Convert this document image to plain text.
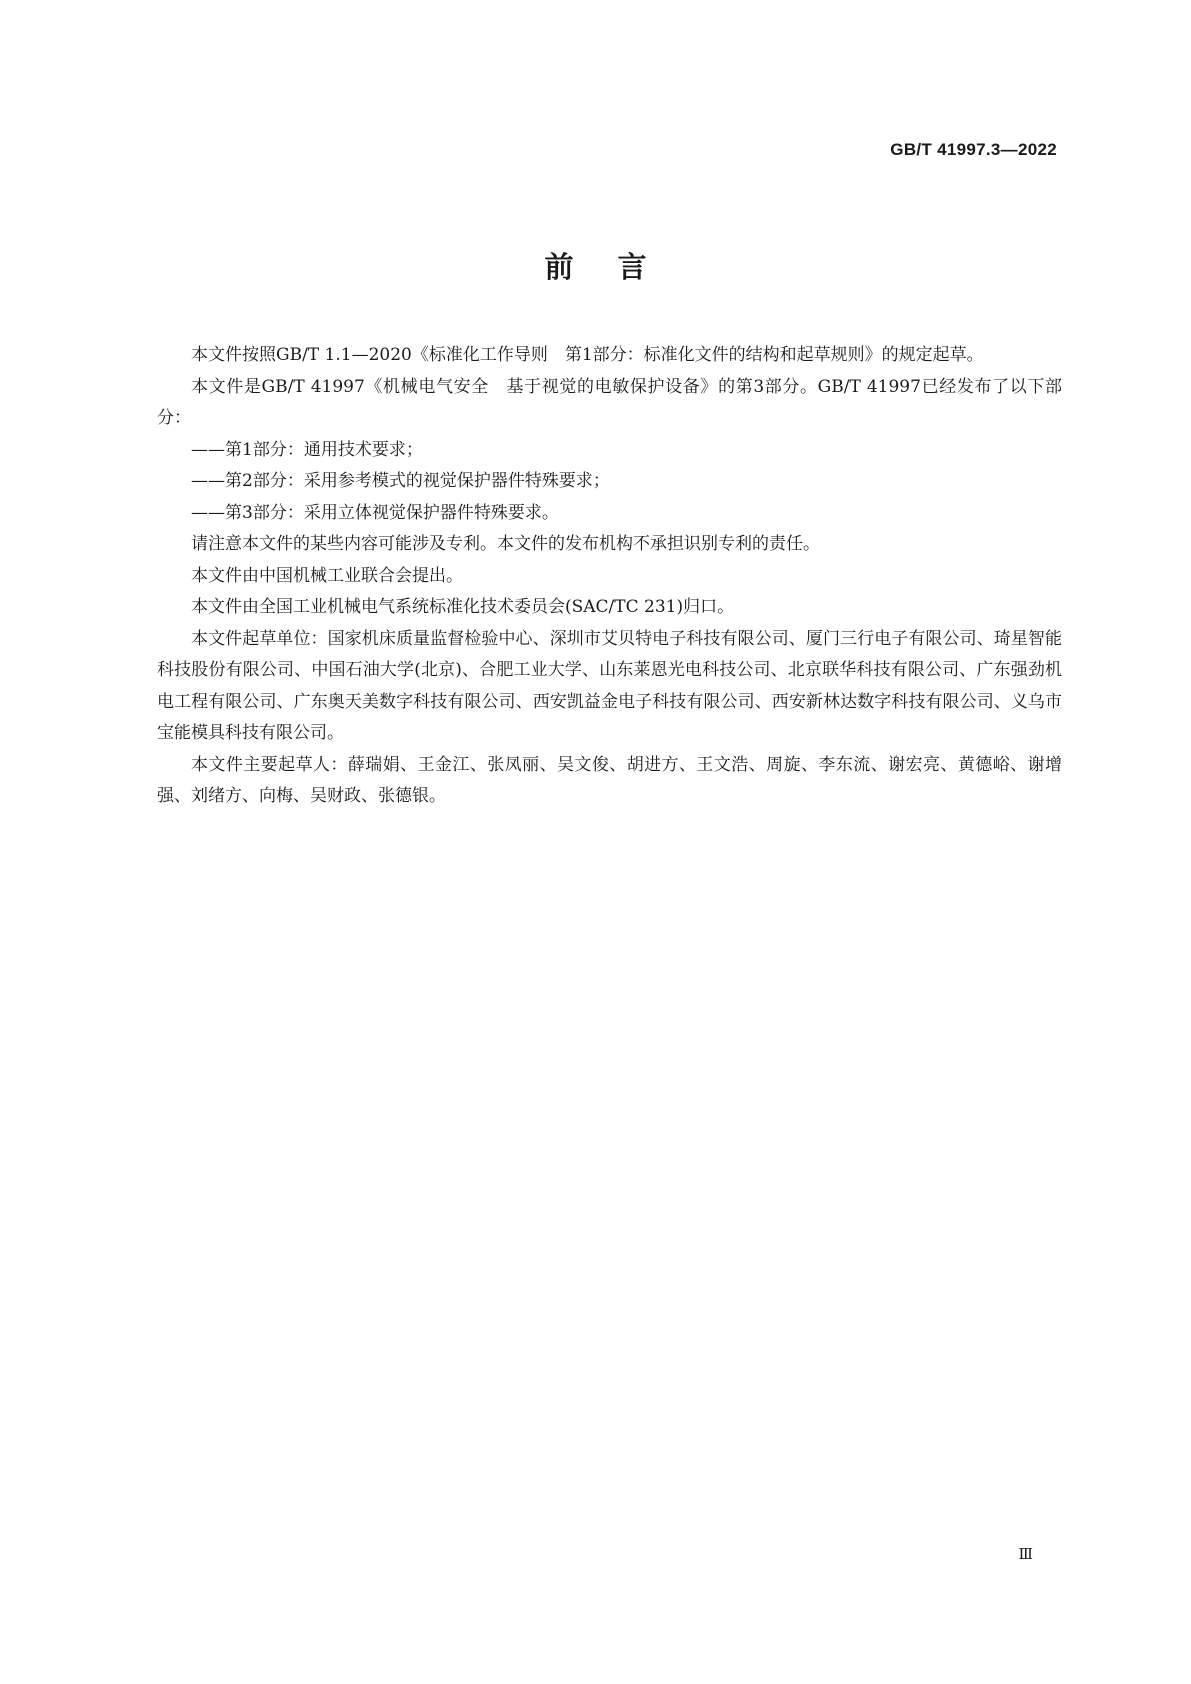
GB/T 41997.3—2022
前言

本文件按照GB/T 1.1—2020《标准化工作导则　第1部分：标准化文件的结构和起草规则》的规定起草。

本文件是GB/T 41997《机械电气安全　基于视觉的电敏保护设备》的第3部分。GB/T 41997已经发布了以下部分：

——第1部分：通用技术要求；

——第2部分：采用参考模式的视觉保护器件特殊要求；

——第3部分：采用立体视觉保护器件特殊要求。

请注意本文件的某些内容可能涉及专利。本文件的发布机构不承担识别专利的责任。

本文件由中国机械工业联合会提出。

本文件由全国工业机械电气系统标准化技术委员会(SAC/TC 231)归口。

本文件起草单位：国家机床质量监督检验中心、深圳市艾贝特电子科技有限公司、厦门三行电子有限公司、琦星智能科技股份有限公司、中国石油大学(北京)、合肥工业大学、山东莱恩光电科技公司、北京联华科技有限公司、广东强劲机电工程有限公司、广东奥天美数字科技有限公司、西安凯益金电子科技有限公司、西安新林达数字科技有限公司、义乌市宝能模具科技有限公司。

本文件主要起草人：薛瑞娟、王金江、张凤丽、吴文俊、胡进方、王文浩、周旋、李东流、谢宏亮、黄德峪、谢增强、刘绪方、向梅、吴财政、张德银。

Ⅲ
